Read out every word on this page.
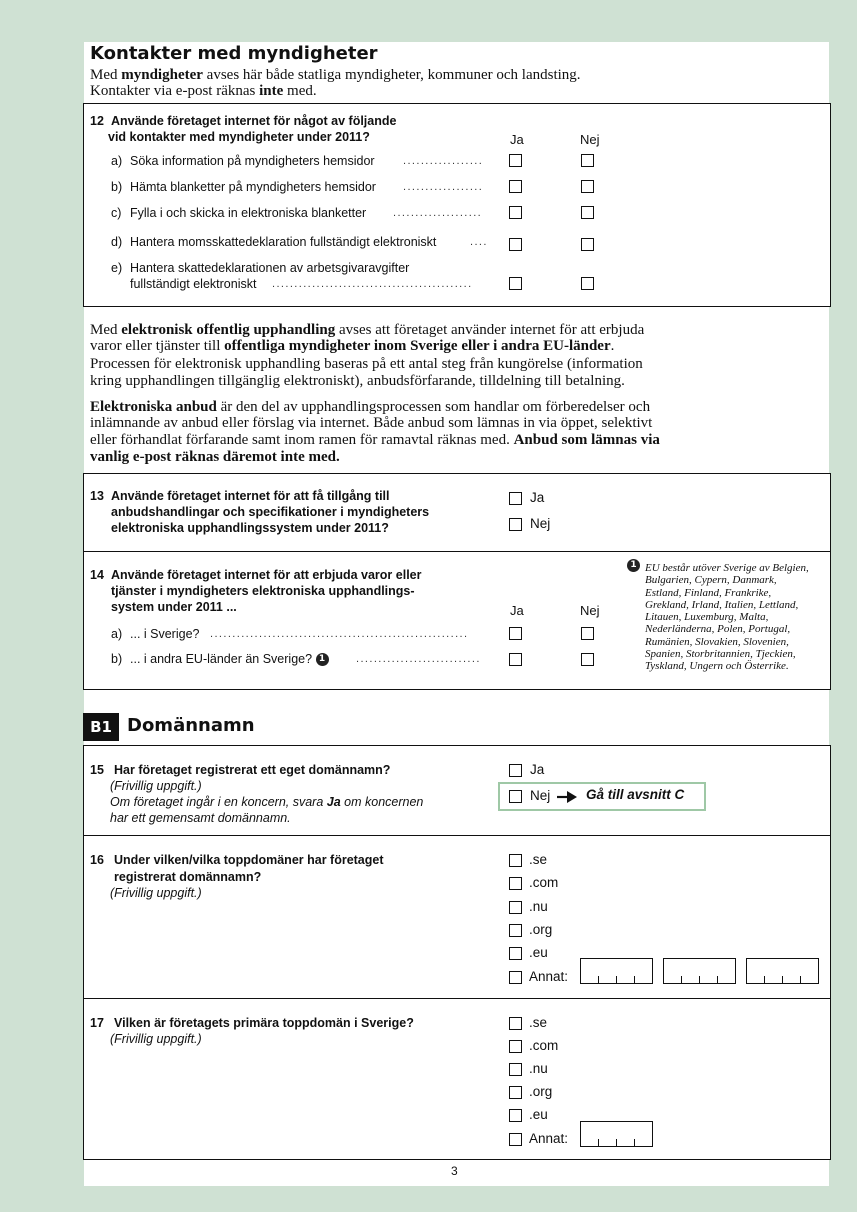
Kontakter med myndigheter
Med myndigheter avses här både statliga myndigheter, kommuner och landsting.
Kontakter via e-post räknas inte med.
12 Använde företaget internet för något av följande
vid kontakter med myndigheter under 2011?	Ja	Nej
a) Söka information på myndigheters hemsidor	..................
b) Hämta blanketter på myndigheters hemsidor ..................
c) Fylla i och skicka in elektroniska blanketter ....................
d) Hantera momsskattedeklaration fullständigt elektroniskt	....
e) Hantera skattedeklarationen av arbetsgivaravgifter
fullständigt elektroniskt .............................................
Med elektronisk offentlig upphandling avses att företaget använder internet för att erbjuda
varor eller tjänster till offentliga myndigheter inom Sverige eller i andra EU-länder.
Processen för elektronisk upphandling baseras på ett antal steg från kungörelse (information
kring upphandlingen tillgänglig elektroniskt), anbudsförfarande, tilldelning till betalning.
Elektroniska anbud är den del av upphandlingsprocessen som handlar om förberedelser och
inlämnande av anbud eller förslag via internet. Både anbud som lämnas in via öppet, selektivt
eller förhandlat förfarande samt inom ramen för ramavtal räknas med. Anbud som lämnas via
vanlig e-post räknas däremot inte med.
13 Använde företaget internet för att få tillgång till
anbudshandlingar och specifikationer i myndigheters
elektroniska upphandlingssystem under 2011?
Ja
Nej
14 Använde företaget internet för att erbjuda varor eller
tjänster i myndigheters elektroniska upphandlings-
system under 2011 ...	Ja	Nej
a) ... i Sverige? ..........................................................
b) ... i andra EU-länder än Sverige? 1	............................
1 EU består utöver Sverige av Belgien,
Bulgarien, Cypern, Danmark,
Estland, Finland, Frankrike,
Grekland, Irland, Italien, Lettland,
Litauen, Luxemburg, Malta,
Nederländerna, Polen, Portugal,
Rumänien, Slovakien, Slovenien,
Spanien, Storbritannien, Tjeckien,
Tyskland, Ungern och Österrike.
B1 Domännamn
15 Har företaget registrerat ett eget domännamn?
(Frivillig uppgift.)
Om företaget ingår i en koncern, svara Ja om koncernen
har ett gemensamt domännamn.
Ja
Nej	Gå till avsnitt C
16 Under vilken/vilka toppdomäner har företaget
registrerat domännamn?
(Frivillig uppgift.)
.se
.com
.nu
.org
.eu
Annat:
17 Vilken är företagets primära toppdomän i Sverige?
(Frivillig uppgift.)
.se
.com
.nu
.org
.eu
Annat:
3
